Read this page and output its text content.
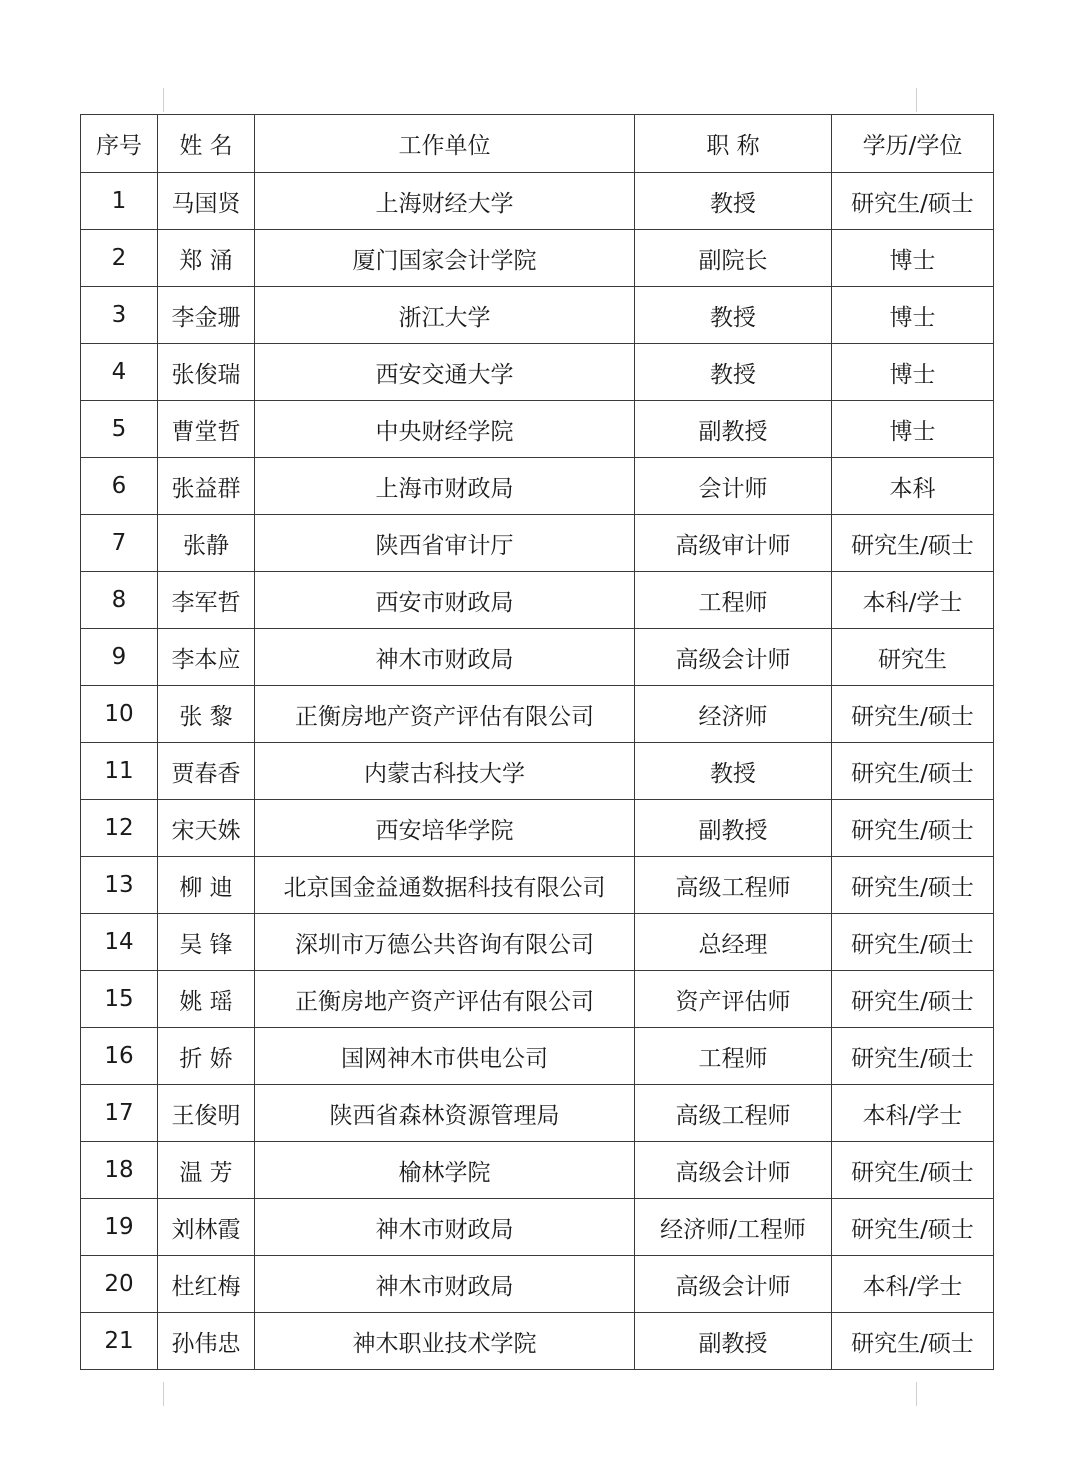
序号	姓 名	工作单位	职 称	学历/学位
1	马国贤	上海财经大学	教授	研究生/硕士
2	郑 涌	厦门国家会计学院	副院长	博士
3	李金珊	浙江大学	教授	博士
4	张俊瑞	西安交通大学	教授	博士
5	曹堂哲	中央财经学院	副教授	博士
6	张益群	上海市财政局	会计师	本科
7	张静	陕西省审计厅	高级审计师	研究生/硕士
8	李军哲	西安市财政局	工程师	本科/学士
9	李本应	神木市财政局	高级会计师	研究生
10	张 黎	正衡房地产资产评估有限公司	经济师	研究生/硕士
11	贾春香	内蒙古科技大学	教授	研究生/硕士
12	宋天姝	西安培华学院	副教授	研究生/硕士
13	柳 迪	北京国金益通数据科技有限公司	高级工程师	研究生/硕士
14	吴 锋	深圳市万德公共咨询有限公司	总经理	研究生/硕士
15	姚 瑶	正衡房地产资产评估有限公司	资产评估师	研究生/硕士
16	折 娇	国网神木市供电公司	工程师	研究生/硕士
17	王俊明	陕西省森林资源管理局	高级工程师	本科/学士
18	温 芳	榆林学院	高级会计师	研究生/硕士
19	刘林霞	神木市财政局	经济师/工程师	研究生/硕士
20	杜红梅	神木市财政局	高级会计师	本科/学士
21	孙伟忠	神木职业技术学院	副教授	研究生/硕士
